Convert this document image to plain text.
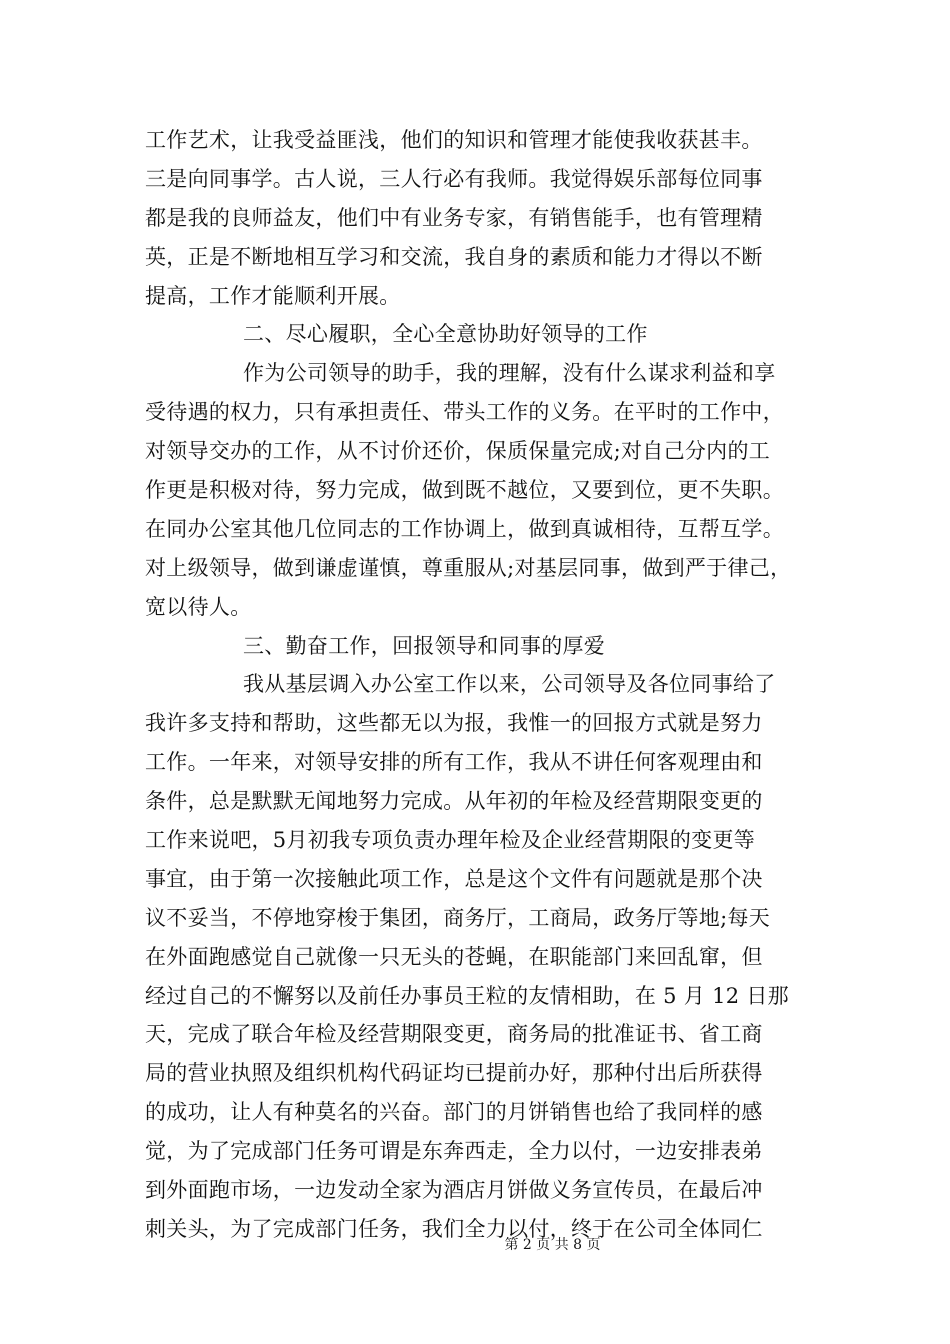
工作艺术，让我受益匪浅，他们的知识和管理才能使我收获甚丰。
三是向同事学。古人说，三人行必有我师。我觉得娱乐部每位同事
都是我的良师益友，他们中有业务专家，有销售能手，也有管理精
英，正是不断地相互学习和交流，我自身的素质和能力才得以不断
提高，工作才能顺利开展。
二、尽心履职，全心全意协助好领导的工作
作为公司领导的助手，我的理解，没有什么谋求利益和享
受待遇的权力，只有承担责任、带头工作的义务。在平时的工作中，
对领导交办的工作，从不讨价还价，保质保量完成;对自己分内的工
作更是积极对待，努力完成，做到既不越位，又要到位，更不失职。
在同办公室其他几位同志的工作协调上，做到真诚相待，互帮互学。
对上级领导，做到谦虚谨慎，尊重服从;对基层同事，做到严于律己，
宽以待人。
三、勤奋工作，回报领导和同事的厚爱
我从基层调入办公室工作以来，公司领导及各位同事给了
我许多支持和帮助，这些都无以为报，我惟一的回报方式就是努力
工作。一年来，对领导安排的所有工作，我从不讲任何客观理由和
条件，总是默默无闻地努力完成。从年初的年检及经营期限变更的
工作来说吧，5月初我专项负责办理年检及企业经营期限的变更等
事宜，由于第一次接触此项工作，总是这个文件有问题就是那个决
议不妥当，不停地穿梭于集团，商务厅，工商局，政务厅等地;每天
在外面跑感觉自己就像一只无头的苍蝇，在职能部门来回乱窜，但
经过自己的不懈努以及前任办事员王粒的友情相助，在 5 月 12 日那
天，完成了联合年检及经营期限变更，商务局的批准证书、省工商
局的营业执照及组织机构代码证均已提前办好，那种付出后所获得
的成功，让人有种莫名的兴奋。部门的月饼销售也给了我同样的感
觉，为了完成部门任务可谓是东奔西走，全力以付，一边安排表弟
到外面跑市场，一边发动全家为酒店月饼做义务宣传员，在最后冲
刺关头，为了完成部门任务，我们全力以付，终于在公司全体同仁
第 2 页 共 8 页
